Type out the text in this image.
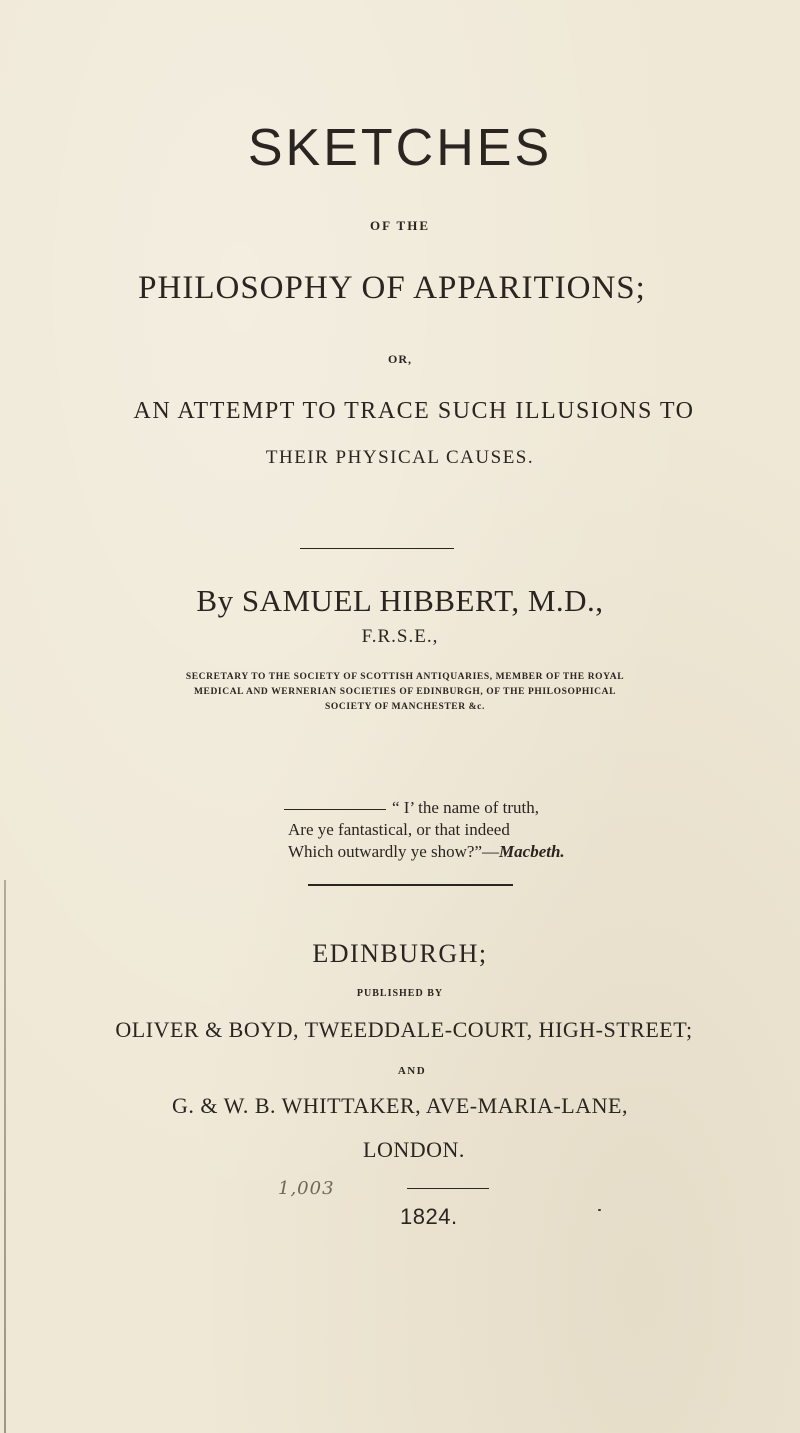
SKETCHES
OF THE
PHILOSOPHY OF APPARITIONS;
OR,
AN ATTEMPT TO TRACE SUCH ILLUSIONS TO
THEIR PHYSICAL CAUSES.
By SAMUEL HIBBERT, M.D.,
F.R.S.E.,
SECRETARY TO THE SOCIETY OF SCOTTISH ANTIQUARIES, MEMBER OF THE ROYAL
MEDICAL AND WERNERIAN SOCIETIES OF EDINBURGH, OF THE PHILOSOPHICAL
SOCIETY OF MANCHESTER &c.
“ I’ the name of truth,
Are ye fantastical, or that indeed
Which outwardly ye show?”—Macbeth.
EDINBURGH;
PUBLISHED BY
OLIVER & BOYD, TWEEDDALE-COURT, HIGH-STREET;
AND
G. & W. B. WHITTAKER, AVE-MARIA-LANE,
LONDON.
1,003
1824.
